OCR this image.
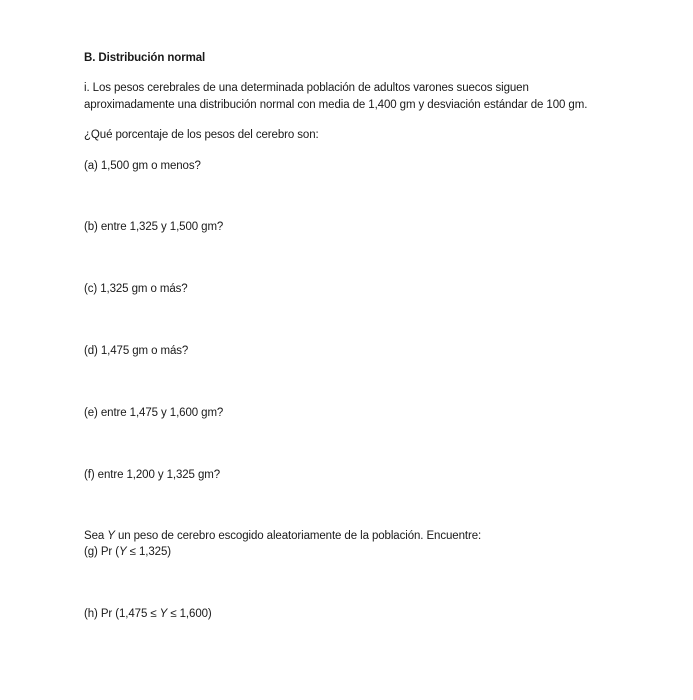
B. Distribución normal
i. Los pesos cerebrales de una determinada población de adultos varones suecos siguen
aproximadamente una distribución normal con media de 1,400 gm y desviación estándar de 100 gm.
¿Qué porcentaje de los pesos del cerebro son:
(a) 1,500 gm o menos?
(b) entre 1,325 y 1,500 gm?
(c) 1,325 gm o más?
(d) 1,475 gm o más?
(e) entre 1,475 y 1,600 gm?
(f) entre 1,200 y 1,325 gm?
Sea Y un peso de cerebro escogido aleatoriamente de la población. Encuentre:
(g) Pr (Y ≤ 1,325)
(h) Pr (1,475 ≤ Y ≤ 1,600)
